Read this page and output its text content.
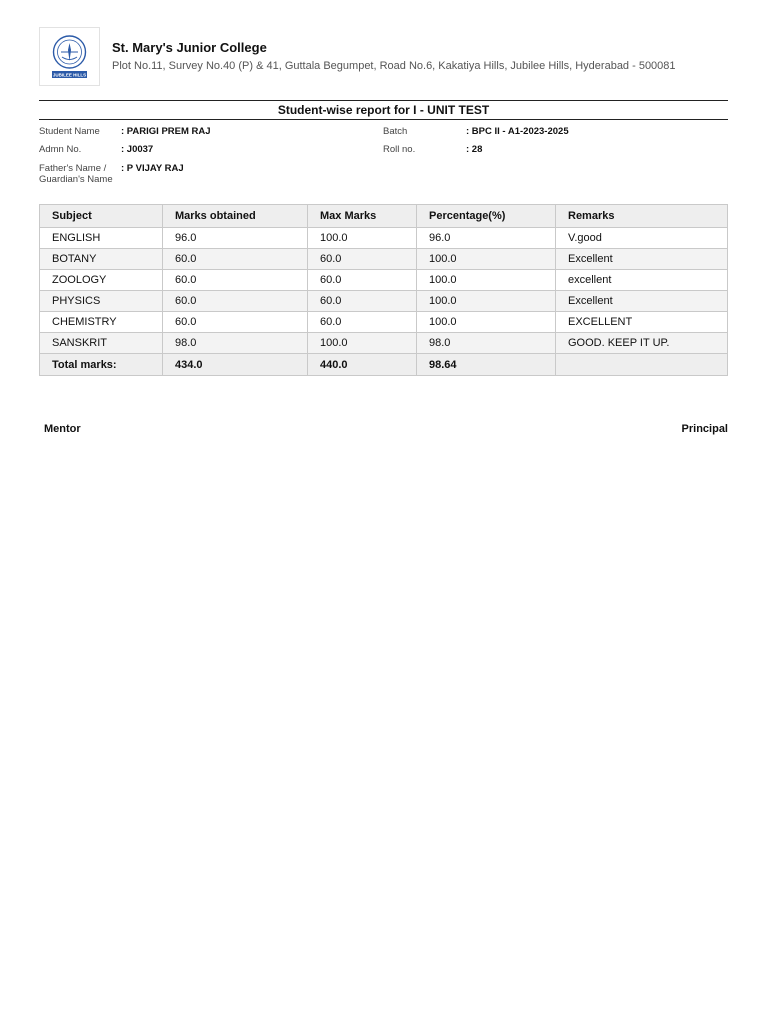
JUBILEE HILLS
St. Mary's Junior College
Plot No.11, Survey No.40 (P) & 41, Guttala Begumpet, Road No.6, Kakatiya Hills, Jubilee Hills, Hyderabad - 500081
Student-wise report for I - UNIT TEST
Student Name : PARIGI PREM RAJ	Batch	: BPC II - A1-2023-2025
Admn No.	: J0037	Roll no.	: 28
Father's Name /
Guardian's Name
: P VIJAY RAJ
Subject	Marks obtained	Max Marks	Percentage(%)	Remarks
ENGLISH	96.0	100.0	96.0	V.good
BOTANY	60.0	60.0	100.0	Excellent
ZOOLOGY	60.0	60.0	100.0	excellent
PHYSICS	60.0	60.0	100.0	Excellent
CHEMISTRY	60.0	60.0	100.0	EXCELLENT
SANSKRIT	98.0	100.0	98.0	GOOD. KEEP IT UP.
Total marks:	434.0	440.0	98.64	
Mentor	Principal
